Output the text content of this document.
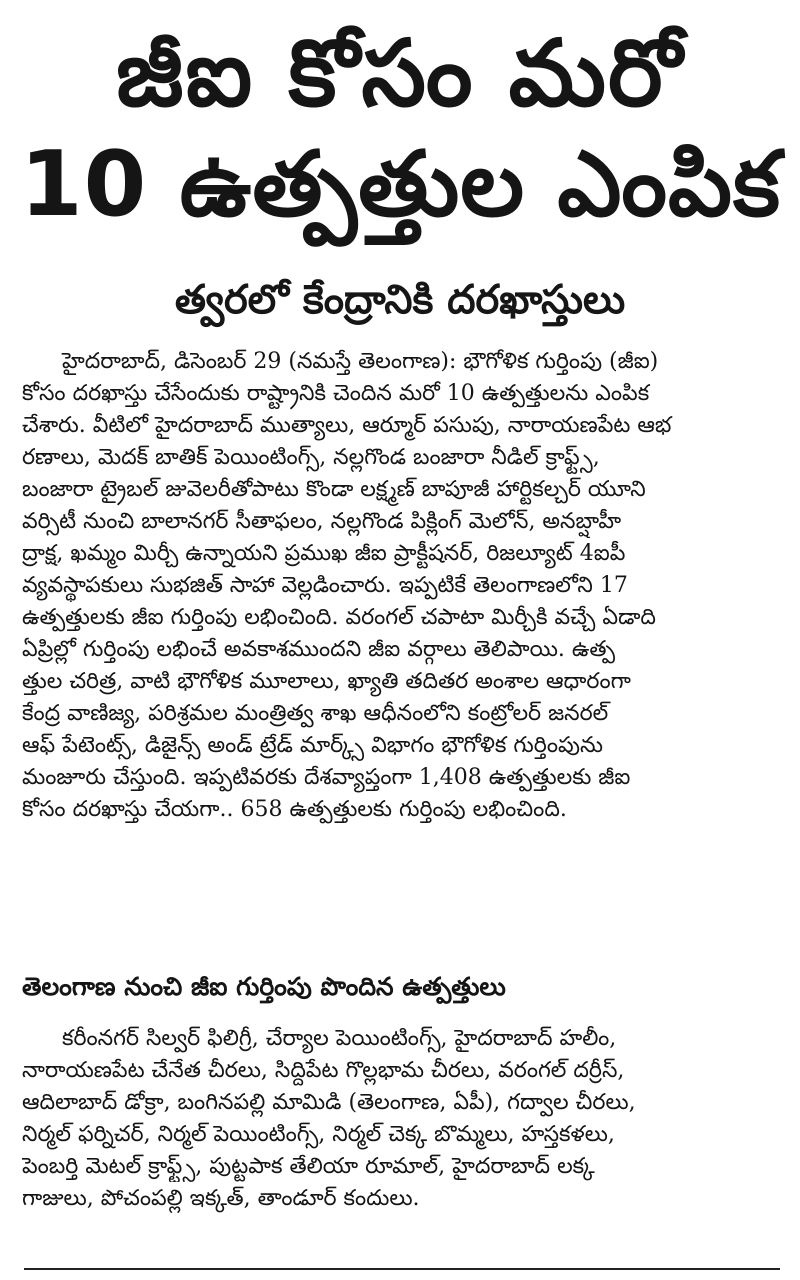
జీఐ కోసం మరో
10 ఉత్పత్తుల ఎంపిక
త్వరలో కేంద్రానికి దరఖాస్తులు
హైదరాబాద్, డిసెంబర్ 29 (నమస్తే తెలంగాణ): భౌగోళిక గుర్తింపు (జీఐ)
కోసం దరఖాస్తు చేసేందుకు రాష్ట్రానికి చెందిన మరో 10 ఉత్పత్తులను ఎంపిక
చేశారు. వీటిలో హైదరాబాద్ ముత్యాలు, ఆర్మూర్ పసుపు, నారాయణపేట ఆభ
రణాలు, మెదక్ బాతిక్ పెయింటింగ్స్, నల్లగొండ బంజారా నీడిల్ క్రాఫ్ట్స్,
బంజారా ట్రైబల్ జువెలరీతోపాటు కొండా లక్ష్మణ్ బాపూజీ హార్టికల్చర్ యూని
వర్సిటీ నుంచి బాలానగర్ సీతాఫలం, నల్లగొండ పిక్లింగ్ మెలోన్, అనబ్షాహీ
ద్రాక్ష, ఖమ్మం మిర్చీ ఉన్నాయని ప్రముఖ జీఐ ప్రాక్టీషనర్, రిజల్యూట్ 4ఐపీ
వ్యవస్థాపకులు సుభజిత్ సాహా వెల్లడించారు. ఇప్పటికే తెలంగాణలోని 17
ఉత్పత్తులకు జీఐ గుర్తింపు లభించింది. వరంగల్ చపాటా మిర్చీకి వచ్చే ఏడాది
ఏప్రిల్లో గుర్తింపు లభించే అవకాశముందని జీఐ వర్గాలు తెలిపాయి. ఉత్ప
త్తుల చరిత్ర, వాటి భౌగోళిక మూలాలు, ఖ్యాతి తదితర అంశాల ఆధారంగా
కేంద్ర వాణిజ్య, పరిశ్రమల మంత్రిత్వ శాఖ ఆధీనంలోని కంట్రోలర్ జనరల్
ఆఫ్ పేటెంట్స్, డిజైన్స్ అండ్ ట్రేడ్ మార్క్స్ విభాగం భౌగోళిక గుర్తింపును
మంజూరు చేస్తుంది. ఇప్పటివరకు దేశవ్యాప్తంగా 1,408 ఉత్పత్తులకు జీఐ
కోసం దరఖాస్తు చేయగా.. 658 ఉత్పత్తులకు గుర్తింపు లభించింది.
తెలంగాణ నుంచి జీఐ గుర్తింపు పొందిన ఉత్పత్తులు
కరీంనగర్ సిల్వర్ ఫిలిగ్రీ, చేర్యాల పెయింటింగ్స్, హైదరాబాద్ హలీం,
నారాయణపేట చేనేత చీరలు, సిద్దిపేట గొల్లభామ చీరలు, వరంగల్ దర్రీస్,
ఆదిలాబాద్ డోక్రా, బంగినపల్లి మామిడి (తెలంగాణ, ఏపీ), గద్వాల చీరలు,
నిర్మల్ ఫర్నిచర్, నిర్మల్ పెయింటింగ్స్, నిర్మల్ చెక్క బొమ్మలు, హస్తకళలు,
పెంబర్తి మెటల్ క్రాఫ్ట్స్, పుట్టపాక తేలియా రూమాల్, హైదరాబాద్ లక్క
గాజులు, పోచంపల్లి ఇక్కత్, తాండూర్ కందులు.
